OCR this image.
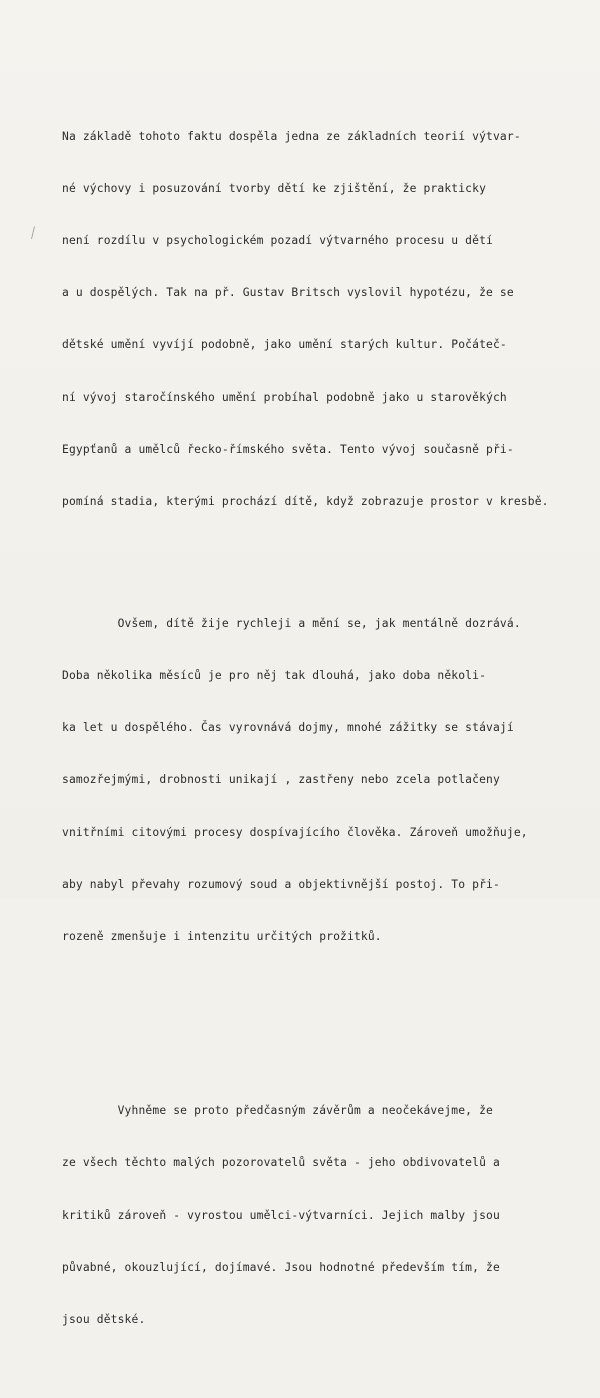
Na základě tohoto faktu dospěla jedna ze základních teorií výtvar-

né výchovy i posuzování tvorby dětí ke zjištění, že prakticky

není rozdílu v psychologickém pozadí výtvarného procesu u dětí

a u dospělých. Tak na př. Gustav Britsch vyslovil hypotézu, že se

dětské umění vyvíjí podobně, jako umění starých kultur. Počáteč-

ní vývoj staročínského umění probíhal podobně jako u starověkých

Egypťanů a umělců řecko-římského světa. Tento vývoj současně při-

pomíná stadia, kterými prochází dítě, když zobrazuje prostor v kresbě.

Ovšem, dítě žije rychleji a mění se, jak mentálně dozrává.

Doba několika měsíců je pro něj tak dlouhá, jako doba několi-

ka let u dospělého. Čas vyrovnává dojmy, mnohé zážitky se stávají

samozřejmými, drobnosti unikají , zastřeny nebo zcela potlačeny

vnitřními citovými procesy dospívajícího člověka. Zároveň umožňuje,

aby nabyl převahy rozumový soud a objektivnější postoj. To při-

rozeně zmenšuje i intenzitu určitých prožitků.

Vyhněme se proto předčasným závěrům a neočekávejme, že

ze všech těchto malých pozorovatelů světa - jeho obdivovatelů a

kritiků zároveň - vyrostou umělci-výtvarníci. Jejich malby jsou

půvabné, okouzlující, dojímavé. Jsou hodnotné především tím, že

jsou dětské.
